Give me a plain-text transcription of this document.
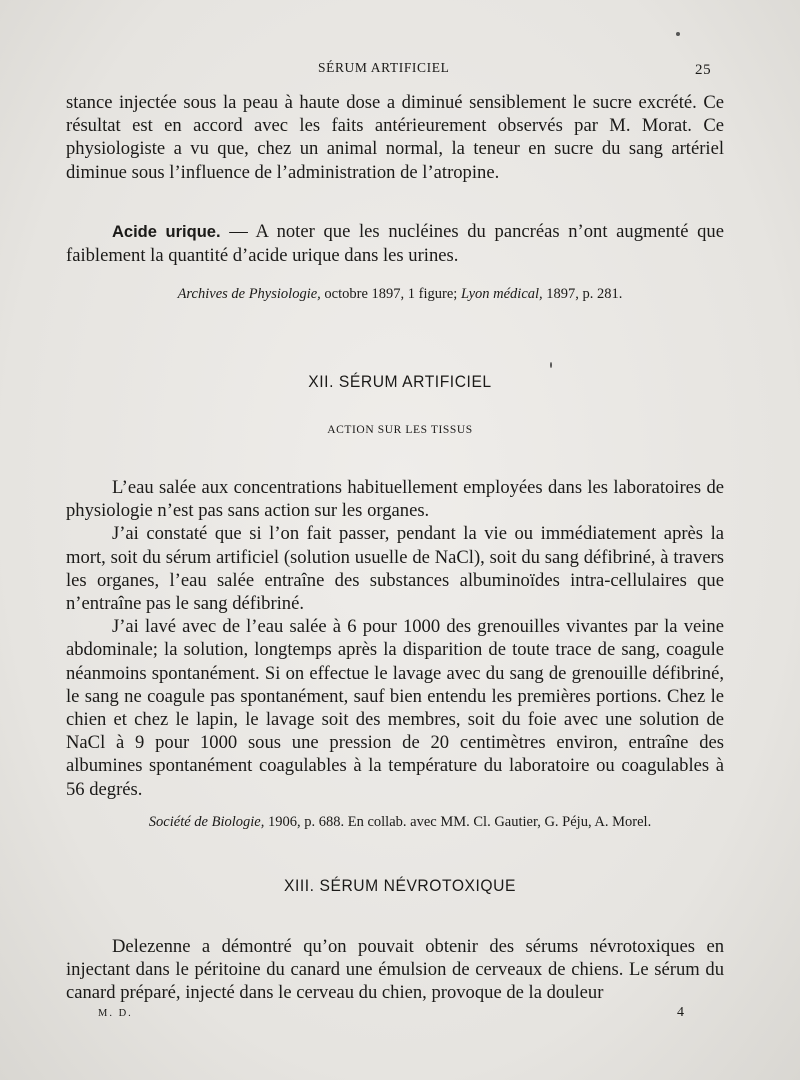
SÉRUM ARTIFICIEL	25

stance injectée sous la peau à haute dose a diminué sensiblement le sucre excrété. Ce résultat est en accord avec les faits antérieurement observés par M. Morat. Ce physiologiste a vu que, chez un animal normal, la teneur en sucre du sang artériel diminue sous l’influence de l’administration de l’atropine.

Acide urique. — A noter que les nucléines du pancréas n’ont augmenté que faiblement la quantité d’acide urique dans les urines.

Archives de Physiologie, octobre 1897, 1 figure; Lyon médical, 1897, p. 281.
XII. SÉRUM ARTIFICIEL
ACTION SUR LES TISSUS

L’eau salée aux concentrations habituellement employées dans les laboratoires de physiologie n’est pas sans action sur les organes.

J’ai constaté que si l’on fait passer, pendant la vie ou immédiatement après la mort, soit du sérum artificiel (solution usuelle de NaCl), soit du sang défibriné, à travers les organes, l’eau salée entraîne des substances albuminoïdes intra-cellulaires que n’entraîne pas le sang défibriné.

J’ai lavé avec de l’eau salée à 6 pour 1000 des grenouilles vivantes par la veine abdominale; la solution, longtemps après la disparition de toute trace de sang, coagule néanmoins spontanément. Si on effectue le lavage avec du sang de grenouille défibriné, le sang ne coagule pas spontanément, sauf bien entendu les premières portions. Chez le chien et chez le lapin, le lavage soit des membres, soit du foie avec une solution de NaCl à 9 pour 1000 sous une pression de 20 centimètres environ, entraîne des albumines spontanément coagulables à la température du laboratoire ou coagulables à 56 degrés.

Société de Biologie, 1906, p. 688. En collab. avec MM. Cl. Gautier, G. Péju, A. Morel.
XIII. SÉRUM NÉVROTOXIQUE

Delezenne a démontré qu’on pouvait obtenir des sérums névrotoxiques en injectant dans le péritoine du canard une émulsion de cerveaux de chiens. Le sérum du canard préparé, injecté dans le cerveau du chien, provoque de la douleur

M. D.	4
